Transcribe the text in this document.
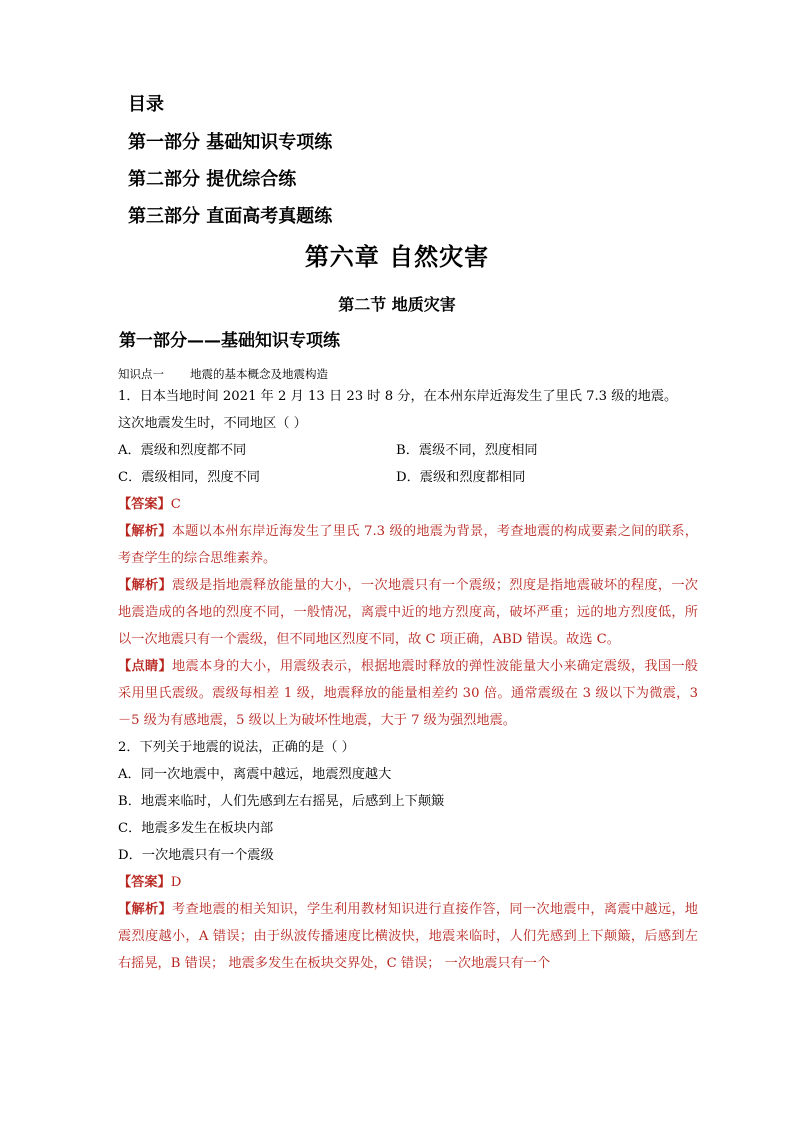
目录
第一部分 基础知识专项练
第二部分 提优综合练
第三部分 直面高考真题练
第六章 自然灾害
第二节 地质灾害
第一部分——基础知识专项练
知识点一 地震的基本概念及地震构造
1．日本当地时间 2021 年 2 月 13 日 23 时 8 分，在本州东岸近海发生了里氏 7.3 级的地震。
这次地震发生时，不同地区（ ）
A．震级和烈度都不同	B．震级不同，烈度相同
C．震级相同，烈度不同	D．震级和烈度都相同
【答案】C
【解析】本题以本州东岸近海发生了里氏 7.3 级的地震为背景，考查地震的构成要素之间的联系，考查学生的综合思维素养。
【解析】震级是指地震释放能量的大小，一次地震只有一个震级；烈度是指地震破坏的程度，一次地震造成的各地的烈度不同，一般情况，离震中近的地方烈度高，破坏严重；远的地方烈度低，所以一次地震只有一个震级，但不同地区烈度不同，故 C 项正确，ABD 错误。故选 C。
【点睛】地震本身的大小，用震级表示，根据地震时释放的弹性波能量大小来确定震级，我国一般采用里氏震级。震级每相差 1 级，地震释放的能量相差约 30 倍。通常震级在 3 级以下为微震，3－5 级为有感地震，5 级以上为破坏性地震，大于 7 级为强烈地震。
2．下列关于地震的说法，正确的是（ ）
A．同一次地震中，离震中越远，地震烈度越大
B．地震来临时，人们先感到左右摇晃，后感到上下颠簸
C．地震多发生在板块内部
D．一次地震只有一个震级
【答案】D
【解析】考查地震的相关知识，学生利用教材知识进行直接作答，同一次地震中，离震中越远，地震烈度越小，A 错误；由于纵波传播速度比横波快，地震来临时，人们先感到上下颠簸，后感到左右摇晃，B 错误； 地震多发生在板块交界处，C 错误； 一次地震只有一个
